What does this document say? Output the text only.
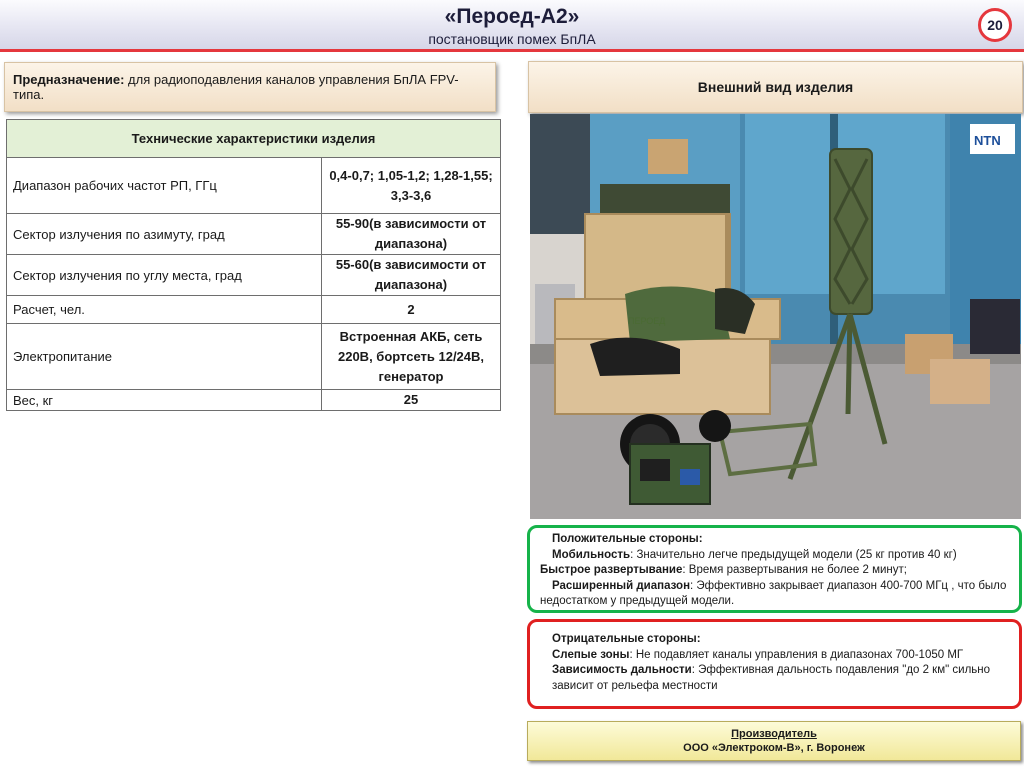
«Пероед-А2»
постановщик помех БпЛА
20
Предназначение: для радиоподавления каналов управления БпЛА FPV-типа.
Технические характеристики изделия	
Диапазон рабочих частот РП, ГГц	0,4-0,7; 1,05-1,2; 1,28-1,55; 3,3-3,6
Сектор излучения по азимуту, град	55-90(в зависимости от диапазона)
Сектор излучения по углу места, град	55-60(в зависимости от диапазона)
Расчет, чел.	2
Электропитание	Встроенная АКБ, сеть 220В, бортсеть 12/24В, генератор
Вес, кг	25
Внешний вид изделия
NTN
ПЕРОЕД
Положительные стороны:
Мобильность: Значительно легче предыдущей модели (25 кг против 40 кг)
Быстрое развертывание: Время развертывания не более 2 минут;
Расширенный диапазон: Эффективно закрывает диапазон 400-700 МГц , что было недостатком у предыдущей модели.
Отрицательные стороны:
Слепые зоны: Не подавляет каналы управления в диапазонах 700-1050 МГ
Зависимость дальности: Эффективная дальность подавления "до 2 км" сильно зависит от рельефа местности
Производитель
ООО «Электроком-В», г. Воронеж
